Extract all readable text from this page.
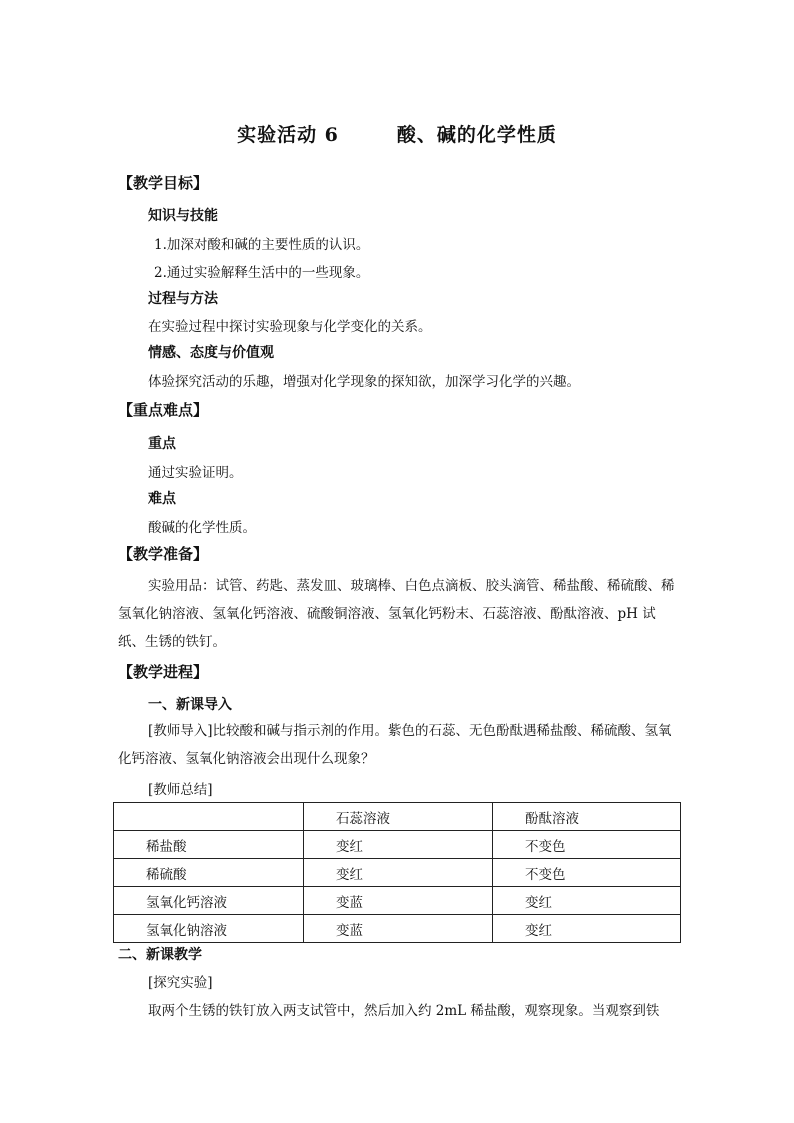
实验活动 6	酸、碱的化学性质
【教学目标】
知识与技能
1.加深对酸和碱的主要性质的认识。
2.通过实验解释生活中的一些现象。
过程与方法
在实验过程中探讨实验现象与化学变化的关系。
情感、态度与价值观
体验探究活动的乐趣，增强对化学现象的探知欲，加深学习化学的兴趣。
【重点难点】
重点
通过实验证明。
难点
酸碱的化学性质。
【教学准备】
实验用品：试管、药匙、蒸发皿、玻璃棒、白色点滴板、胶头滴管、稀盐酸、稀硫酸、稀氢氧化钠溶液、氢氧化钙溶液、硫酸铜溶液、氢氧化钙粉末、石蕊溶液、酚酞溶液、pH 试纸、生锈的铁钉。
【教学进程】
一、新课导入
[教师导入]比较酸和碱与指示剂的作用。紫色的石蕊、无色酚酞遇稀盐酸、稀硫酸、氢氧化钙溶液、氢氧化钠溶液会出现什么现象？
[教师总结]
	石蕊溶液	酚酞溶液
稀盐酸	变红	不变色
稀硫酸	变红	不变色
氢氧化钙溶液	变蓝	变红
氢氧化钠溶液	变蓝	变红
二、新课教学
[探究实验]
取两个生锈的铁钉放入两支试管中，然后加入约 2mL 稀盐酸，观察现象。当观察到铁
